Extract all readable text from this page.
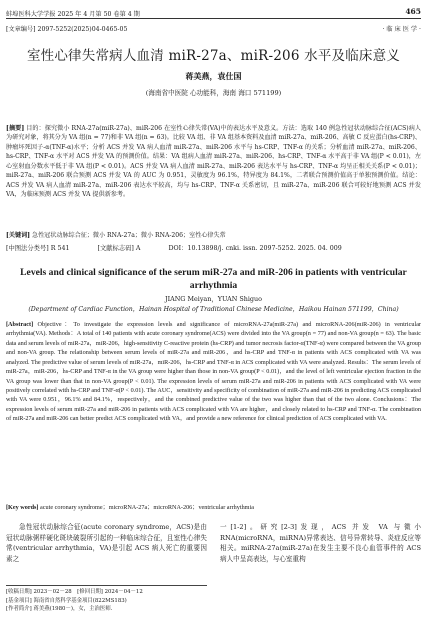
蚌埠医科大学学报 2025 年 4 月第 50 卷第 4 期	465
[文章编号] 2097-5252(2025)04-0465-05	· 临 床 医 学 ·
室性心律失常病人血清 miR-27a、miR-206 水平及临床意义
蒋美燕，袁仕国
(海南省中医院 心功能科，海南 海口 571199)
[摘要] 目的：探究微小 RNA-27a(miR-27a)、miR-206 在室性心律失常(VA)中的表达水平及意义。方法：选取 140 例急性冠状动脉综合征(ACS)病人为研究对象，将其分为 VA 组(n = 77)和非 VA 组(n = 63)。比较 VA 组、非 VA 组基本资料及血清 miR-27a、miR-206、高敏 C 反应蛋白(hs-CRP)、肿瘤坏死因子-α(TNF-α)水平；分析 ACS 并发 VA 病人血清 miR-27a、miR-206 水平与 hs-CRP、TNF-α 的关系；分析血清 miR-27a、miR-206、hs-CRP、TNF-α 水平对 ACS 并发 VA 的预测价值。结果：VA 组病人血清 miR-27a、miR-206、hs-CRP、TNF-α 水平高于非 VA 组(P < 0.01)，左心室射血分数水平低于非 VA 组(P < 0.01)。ACS 并发 VA 病人血清 miR-27a、miR-206 表达水平与 hs-CRP、TNF-α 均呈正相关关系(P < 0.01)；miR-27a、miR-206 联合预测 ACS 并发 VA 的 AUC 为 0.951，灵敏度为 96.1%，特异度为 84.1%，二者联合预测价值高于单独预测价值。结论：ACS 并发 VA 病人血清 miR-27a、miR-206 表达水平较高，均与 hs-CRP、TNF-α 关系密切，且 miR-27a、miR-206 联合可较好地预测 ACS 并发 VA，为临床预测 ACS 并发 VA 提供新参考。
[关键词] 急性冠状动脉综合征；微小 RNA-27a；微小 RNA-206；室性心律失常
[中图法分类号] R 541	[文献标志码] A	DOI：10.13898/j. cnki. issn. 2097-5252. 2025. 04. 009
Levels and clinical significance of the serum miR-27a and miR-206 in patients with ventricular arrhythmia
JIANG Meiyan，YUAN Shiguo
(Department of Cardiac Function，Hainan Hospital of Traditional Chinese Medicine，Haikou Hainan 571199，China)
[Abstract] Objective：To investigate the expression levels and significance of microRNA-27a(miR-27a) and microRNA-206(miR-206) in ventricular arrhythmia(VA). Methods：A total of 140 patients with acute coronary syndrome(ACS) were divided into the VA group(n = 77) and non-VA group(n = 63). The basic data and serum levels of miR-27a，miR-206，high-sensitivity C-reactive protein (hs-CRP) and tumor necrosis factor-α(TNF-α) were compared between the VA group and non-VA group. The relationship between serum levels of miR-27a and miR-206，and hs-CRP and TNF-α in patients with ACS complicated with VA was analyzed. The predictive value of serum levels of miR-27a，miR-206，hs-CRP and TNF-α in ACS complicated with VA were analyzed. Results：The serum levels of miR-27a，miR-206，hs-CRP and TNF-α in the VA group were higher than those in non-VA group(P < 0.01)，and the level of left ventricular ejection fraction in the VA group was lower than that in non-VA group(P < 0.01). The expression levels of serum miR-27a and miR-206 in patients with ACS complicated with VA were positively correlated with hs-CRP and TNF-α(P < 0.01). The AUC，sensitivity and specificity of combination of miR-27a and miR-206 in predicting ACS complicated with VA were 0.951，96.1% and 84.1%，respectively，and the combined predictive value of the two was higher than that of the two alone. Conclusions：The expression levels of serum miR-27a and miR-206 in patients with ACS complicated with VA are higher，and closely related to hs-CRP and TNF-α. The combination of miR-27a and miR-206 can better predict ACS complicated with VA，and provide a new reference for clinical prediction of ACS complicated with VA.
[Key words] acute coronary syndrome；microRNA-27a；microRNA-206；ventricular arrhythmia
急性冠状动脉综合征(acute coronary syndrome，ACS)是由冠状动脉粥样硬化斑块破裂所引起的一种临床综合征，且室性心律失常(ventricular arrhythmia，VA)是引起 ACS 病人死亡的重要因素之
一[1-2]。研究[2-3]发现，ACS 并发 VA 与微小 RNA(microRNA，miRNA)异常表达、信号异常转导、炎症反应等相关。miRNA-27a(miR-27a)在发生主要不良心血管事件的 ACS 病人中呈高表达，与心室重构
[收稿日期] 2023－02－28　[修回日期] 2024－04－12
[基金项目] 海南省自然科学基金项目(822MS183)
[作者简介] 蒋美燕(1980－)，女，主治医师.
